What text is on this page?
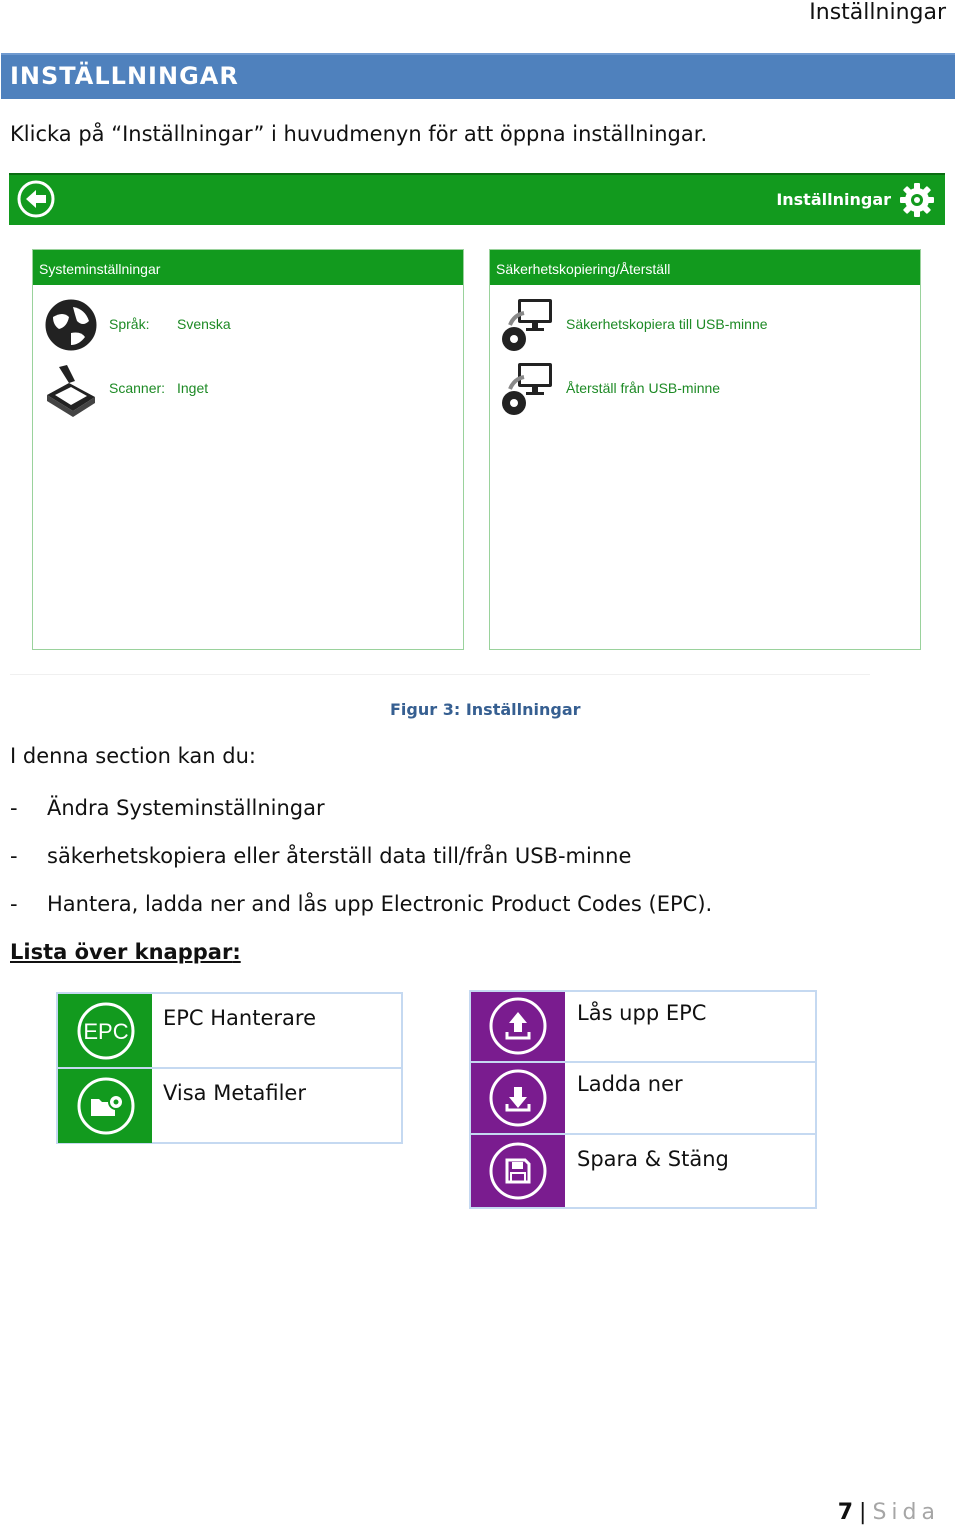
Inställningar
INSTÄLLNINGAR
Klicka på “Inställningar” i huvudmenyn för att öppna inställningar.
Inställningar
Systeminställningar
Språk: Svenska
Scanner: Inget
Säkerhetskopiering/Återställ
Säkerhetskopiera till USB-minne
Återställ från USB-minne
Figur 3: Inställningar
I denna section kan du:
- Ändra Systeminställningar
- säkerhetskopiera eller återställ data till/från USB-minne
- Hantera, ladda ner and lås upp Electronic Product Codes (EPC).
Lista över knappar:
EPC
EPC Hanterare
Visa Metafiler
Lås upp EPC
Ladda ner
Spara & Stäng
7 | Sida
